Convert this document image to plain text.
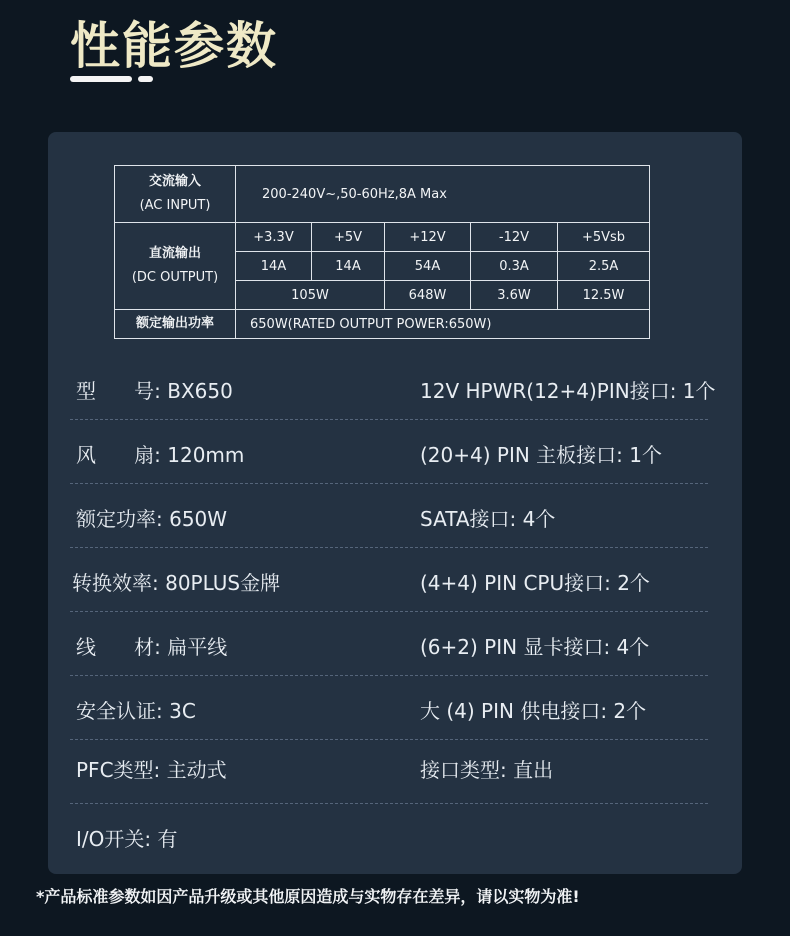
性能参数
交流输入
(AC INPUT)	200-240V~,50-60Hz,8A Max				

直流输出
(DC OUTPUT)	+3.3V	+5V	+12V	-12V	+5Vsb
	14A	14A	54A	0.3A	2.5A
	105W		648W	3.6W	12.5W
额定输出功率	650W(RATED OUTPUT POWER:650W)				
型      号: BX650	12V HPWR(12+4)PIN接口: 1个
风      扇: 120mm	(20+4) PIN 主板接口: 1个
额定功率: 650W	SATA接口: 4个
转换效率: 80PLUS金牌	(4+4) PIN CPU接口: 2个
线      材: 扁平线	(6+2) PIN 显卡接口: 4个
安全认证: 3C	大 (4) PIN 供电接口: 2个
PFC类型: 主动式	接口类型: 直出
I/O开关: 有
*产品标准参数如因产品升级或其他原因造成与实物存在差异，请以实物为准!
